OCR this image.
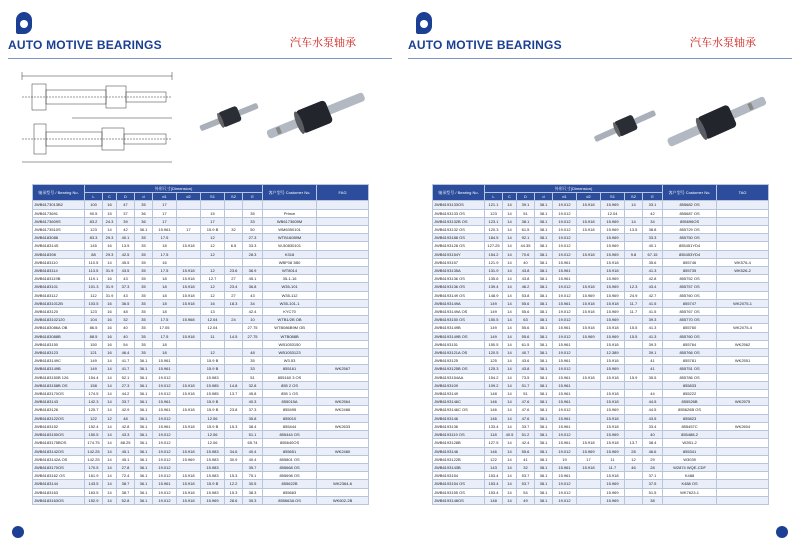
AUTO MOTIVE BEARINGS	汽车水泵轴承
轴承型号 / Bearing No.	外形尺寸(Dimension)									客户型号 Customer No.	FAG
	L	C	D	d	d1	d2	S1	S2	E		
JWB6173013B2	100	16	47	35	17						
JWB6173691	90.5	15	37	36	17		15		35	Prince	
JWB6173609S	83.2	24.3	39	36	17		17		33	WB6173609M	
JWB6173510S	123	14	42	36.1	15.961	17	15.9 B	32	50	WM6350101	
JWB6183088	83.3	29.3	40.1	35	17.5		12		27.3	WTB16089M	
JWB618314S	145	16	13.5	35	18	15.918	12	6.5	33.3	W-50830101	
JWB618398	88	29.3	42.5	35	17.5		12		28.3	K318	
JWB6183110	110.5	14	45.5	35	16					WBF08 3B0	
JWB6183114	113.5	31.9	43.5	35	17.5	15.918	12	23.6	36.9	WT8014	
JWB6183119B	119.1	16	43	35	18	15.918	12.7	27	45.1	35-1-16	
JWB6183101	101.3	31.9	37.3	35	18	15.918	12	23.4	36.8	W35-101	
JWB6183112	112	31.9	43	35	18	15.918	12	27	43	W35-112	
JWB61831012B	103.5	16	36.5	35	18	15.918	16	18.3	34	W35-101-1	
JWB6183120	123	16	48	35	18		13		42.4	KYC70	
JWB6183102120	104	16	32	35	17.5	15.968	12.04	24	10	WTB1/2B OB	
JWB6183086A OB	86.5	16	40	35	17.05		12.04		27.75	WTB086B9M OB	
JWB6183088B	88.5	16	40	35	17.5	15.918	11	14.5	27.75	WTB088B	
JWB6183150	150	16	54	35	18					WB1053150	
JWB6183123	121	16	46.4	35	18		12		48	WB1053123	
JWB6183149C	149	14	41.7	36.1	15.961		15.9 B		35	W3.53	
JWB6183149B	149	14	41.7	36.1	15.961		15.9 B		33	855161	WK2567
JWB6183150B 126	154.4	14	52.1	36.1	19.012		15.983		51	855160 3 OS	
JWB6183158B OS	158	14	27.3	36.1	19.012	15.918	15.985	14.8	32.8	855 2 OS	
JWB6183170OS	174.5	14	44.2	36.1	19.012	15.918	15.985	13.7	45.8	855 1 OS	
JWB6183143	142.3	14	33.7	36.1	15.961		15.9 B		40.3	855015A	WK2564
JWB6183126	125.7	14	42.9	36.1	15.961	15.918	15.9 B	23.8	37.3	855495	WK2486
JWB6183122OS	122	12	48	36.1	19.012		12.06		35.8	855010	
JWB6183152	152.4	14	42.8	36.1	15.961	15.918	15.9 B	15.3	38.4	855444	WK2633
JWB6183150OS	150.5	14	43.3	36.1	19.012		12.06		51.1	855444 OS	
JWB6183175BOS	174.75	14	88.25	36.1	19.012		12.06		65.74	855640OS	
JWB6183142OS	142.25	14	45.1	36.1	19.012	15.918	15.983	34.6	40.4	855651	WK2480
JWB6183142A OS	142.25	14	45.1	36.1	19.012	15.969	15.983	30.9	40.4	855801 OS	
JWB6183170OS	170.5	14	27.8	36.1	19.012		15.983		35.7	855668 OS	
JWB6183162 OS	161.9	14	72.4	36.1	19.012	15.918	15.983	15.3	75.1	855698 OS	
JWB6183144	143.5	14	38.7	36.1	15.961	15.918	15.9 B	12.2	30.5	855622B	WK2364-6
JWB6183163	163.5	14	38.7	36.1	19.012	15.918	15.983	15.3	38.3	855663	
JWB6183163OS	152.9	14	52.8	36.1	19.012	15.918	15.969	28.6	35.3	855663A OS	WK602-2B
AUTO MOTIVE BEARINGS	汽车水泵轴承
轴承型号 / Bearing No.	外形尺寸(Dimension)									客户型号 Customer No.	TAG
	L	C	D	d	d1	d2	S1	S2	E		
JWB6193133OS	121.1	14	39.1	38.1	19.012	15.918	15.969	14	33.1	855682 OS	
JWB6193133 OS	123	14	51	38.1	19.012		12.04		42	855687 OS	
JWB6193132B OS	123.1	14	38.1	38.1	19.012	15.918	15.969	14	34	855696OS	
JWB6193132 OS	120.3	14	61.5	38.1	19.012	15.918	15.969	13.5	38.8	855729 OS	
JWB6193188 OS	184.5	14	92.1	38.1	19.012		15.969		33.3	855750 OS	
JWB6193128 OS	127.25	14	44.35	38.1	19.012		15.969		40.1	855451YD4	
JWB6193154Y	154.2	14	70.6	38.1	19.012	15.918	15.969	9.8	67.15	855453YD4	
JWB6193157	121.9	14	40	38.1	15.961		15.918		35.6	855746	WK576-4
JWB6193135A	131.9	14	43.8	38.1	15.961		15.918		41.3	855735	WK526-2
JWB6193136 OS	135.6	14	43.8	38.1	15.961		15.969		42.8	855752 OS	
JWB6193136 OS	139.4	14	46.2	38.1	19.012	15.918	15.969	12.3	43.4	855757 OS	
JWB6193149 OS	148.9	14	53.8	38.1	19.012	15.969	15.969	24.9	42.7	855760 OS	
JWB6193149A	149	14	55.6	38.1	15.961	15.918	15.918	11.7	41.5	855747	WK2075-1
JWB6193149A OS	149	14	55.6	38.1	19.012	15.918	15.969	11.7	41.5	855767 OS	
JWB6193150 OS	150.5	14	63	38.1	19.012		15.969		39.3	855770 OS	
JWB6193149B	149	14	55.6	38.1	15.961	15.918	15.918	15.5	41.3	855760	WK2075-4
JWB6193149B OS	149	14	55.6	38.1	19.012	15.969	15.969	15.5	41.3	855760 OS	
JWB6193151	150.5	14	61.5	38.1	15.961		15.918		39.3	855764	WK2562
JWB6193121A OS	120.5	14	40.7	38.1	19.012		12.389		39.1	855766 OS	
JWB6193125	125	14	43.6	38.1	15.961		15.918		41	855781	WK2551
JWB6193125B OS	125.3	14	43.8	38.1	19.012		15.969		41	855751 OS	
JWB6193154AA	154.2	14	73.5	38.1	15.961	15.918	15.918	15.9	35.5	855786 OS	
JWB6193109	109.2	14	51.7	38.1	15.961					855833	
JWB6193149	148	14	51	38.1	15.961		15.918		44	855222	
JWB6193146C	146	14	47.6	38.1	15.961		15.918		44.5	855526B	WK2575
JWB6193146C OS	146	14	47.6	38.1	19.012		15.969		44.5	855626B OS	
JWB6193146	146	14	47.6	38.1	15.961		15.918		43.5	855823	
JWB6193136	133.4	14	33.7	38.1	15.961		15.918		33.4	855457C	WK2604
JWB6193119 OS	118	40.5	51.2	38.1	19.012		15.969		40	855488-2	
JWB6193128B	127.5	14	42.4	38.1	15.961	15.918	15.918	13.7	38.4	W2B1-2	
JWB6193146	146	14	55.6	38.1	19.012	15.969	15.969	28	46.6	855341	
JWB6193122B	122	14	41	38.1	19	17	11	12	29	W3039	
JWB6193143B	143	14	32	38.1	15.961	15.918	11.7	46	28	W2874 WQE-CDF	
JWB6193154	153.4	14	53.7	38.1	15.961		15.918		37.1	K488	
JWB6193154 OS	153.4	14	53.7	38.1	19.012		15.969		37.5	K488 OS	
JWB6193155 OS	153.4	14	54	38.1	19.012		15.969		51.5	WK7623-1	
JWB6193148OS	148	14	49	38.1	19.012		15.969		38		
